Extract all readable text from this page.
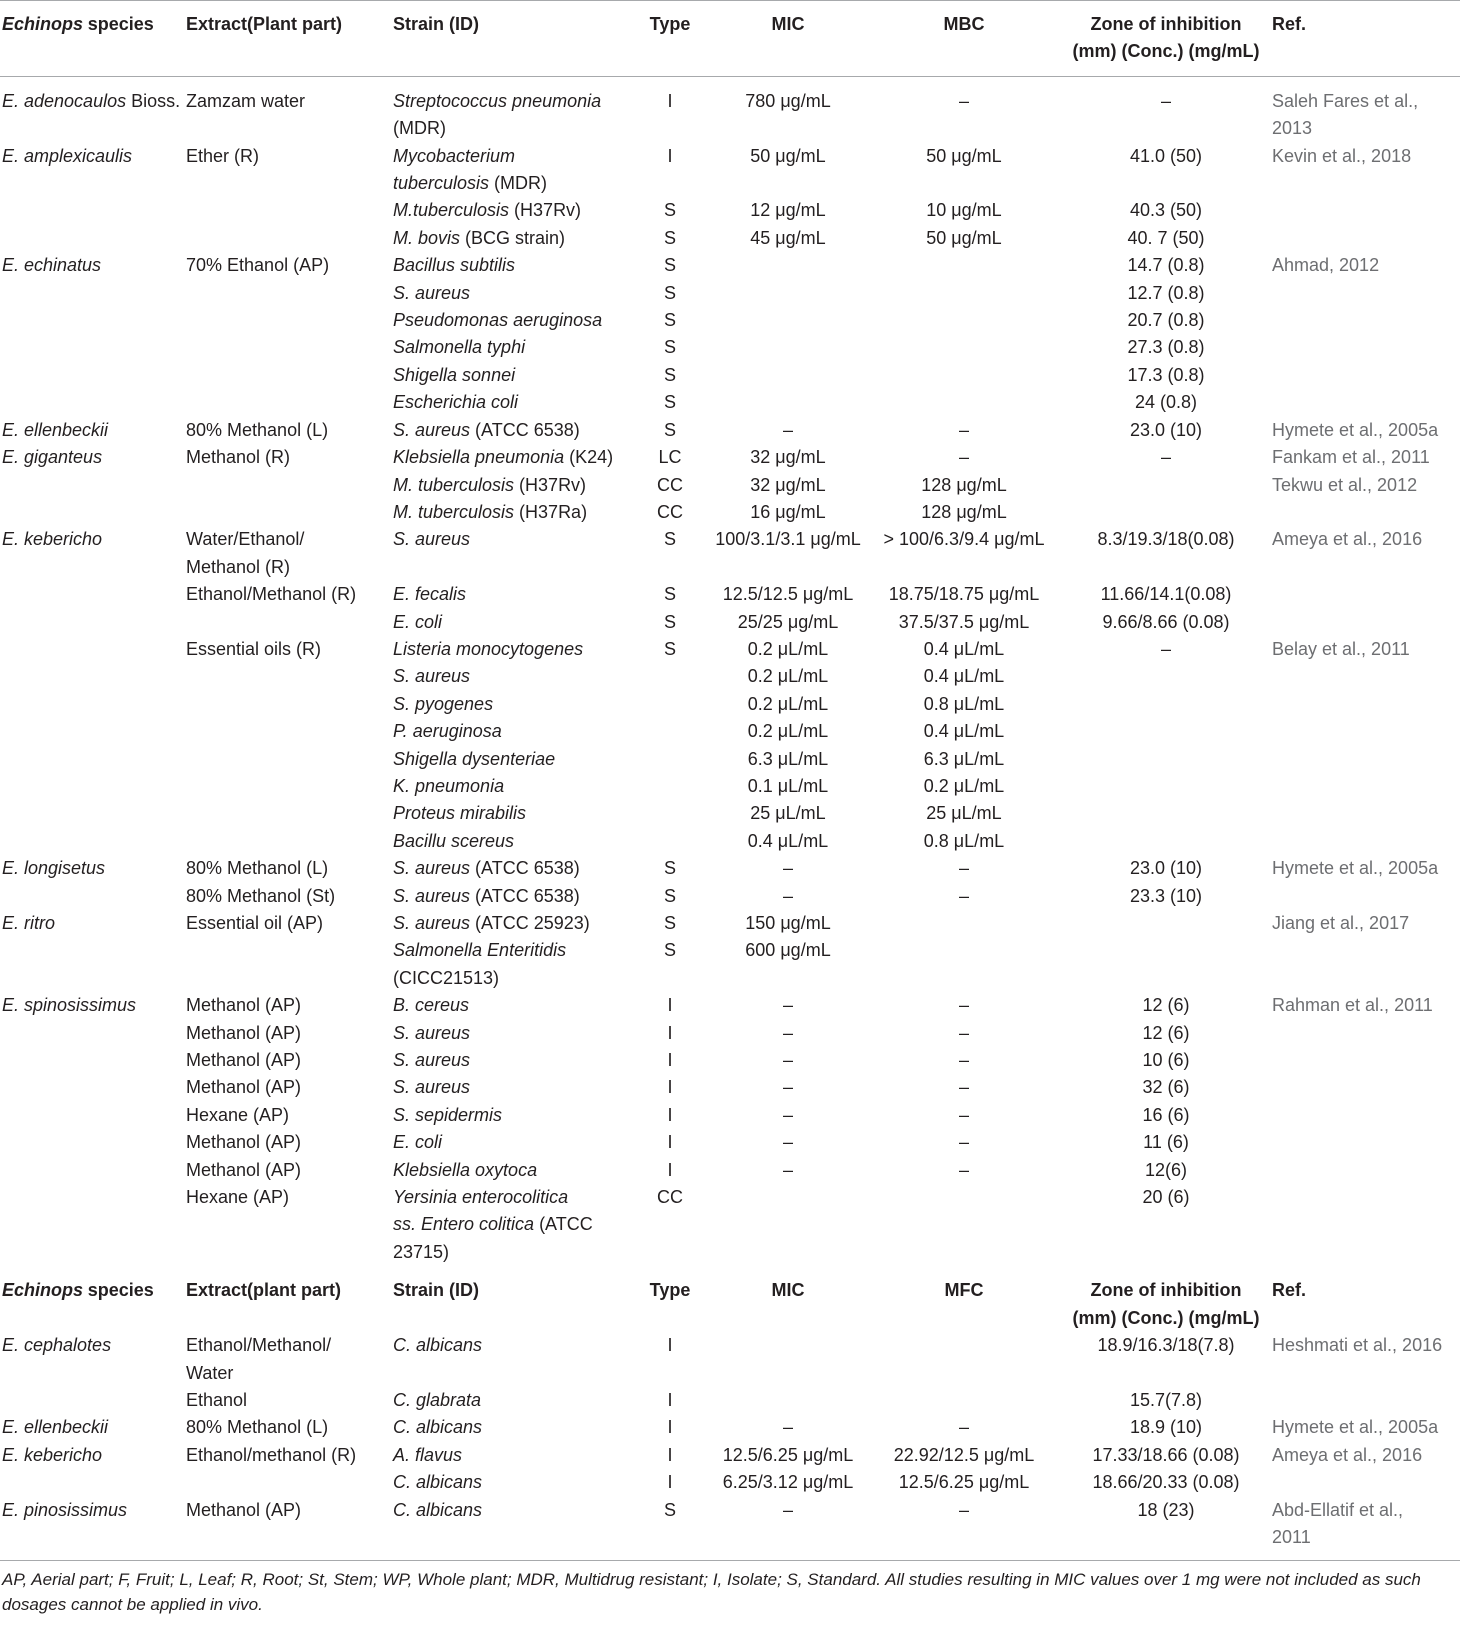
Echinops species	Extract(Plant part)	Strain (ID)	Type	MIC	MBC	Zone of inhibition
(mm) (Conc.) (mg/mL)	Ref.
E. adenocaulos Bioss.	Zamzam water	Streptococcus pneumonia
(MDR)	I	780 μg/mL	–	–	Saleh Fares et al.,
2013
E. amplexicaulis	Ether (R)	Mycobacterium
tuberculosis (MDR)	I	50 μg/mL	50 μg/mL	41.0 (50)	Kevin et al., 2018
		M.tuberculosis (H37Rv)	S	12 μg/mL	10 μg/mL	40.3 (50)	
		M. bovis (BCG strain)	S	45 μg/mL	50 μg/mL	40. 7 (50)	
E. echinatus	70% Ethanol (AP)	Bacillus subtilis	S			14.7 (0.8)	Ahmad, 2012
		S. aureus	S			12.7 (0.8)	
		Pseudomonas aeruginosa	S			20.7 (0.8)	
		Salmonella typhi	S			27.3 (0.8)	
		Shigella sonnei	S			17.3 (0.8)	
		Escherichia coli	S			24 (0.8)	
E. ellenbeckii	80% Methanol (L)	S. aureus (ATCC 6538)	S	–	–	23.0 (10)	Hymete et al., 2005a
E. giganteus	Methanol (R)	Klebsiella pneumonia (K24)	LC	32 μg/mL	–	–	Fankam et al., 2011
		M. tuberculosis (H37Rv)	CC	32 μg/mL	128 μg/mL		Tekwu et al., 2012
		M. tuberculosis (H37Ra)	CC	16 μg/mL	128 μg/mL		
E. kebericho	Water/Ethanol/
Methanol (R)	S. aureus	S	100/3.1/3.1 μg/mL	> 100/6.3/9.4 μg/mL	8.3/19.3/18(0.08)	Ameya et al., 2016
	Ethanol/Methanol (R)	E. fecalis	S	12.5/12.5 μg/mL	18.75/18.75 μg/mL	11.66/14.1(0.08)	
		E. coli	S	25/25 μg/mL	37.5/37.5 μg/mL	9.66/8.66 (0.08)	
	Essential oils (R)	Listeria monocytogenes	S	0.2 μL/mL	0.4 μL/mL	–	Belay et al., 2011
		S. aureus		0.2 μL/mL	0.4 μL/mL		
		S. pyogenes		0.2 μL/mL	0.8 μL/mL		
		P. aeruginosa		0.2 μL/mL	0.4 μL/mL		
		Shigella dysenteriae		6.3 μL/mL	6.3 μL/mL		
		K. pneumonia		0.1 μL/mL	0.2 μL/mL		
		Proteus mirabilis		25 μL/mL	25 μL/mL		
		Bacillu scereus		0.4 μL/mL	0.8 μL/mL		
E. longisetus	80% Methanol (L)	S. aureus (ATCC 6538)	S	–	–	23.0 (10)	Hymete et al., 2005a
	80% Methanol (St)	S. aureus (ATCC 6538)	S	–	–	23.3 (10)	
E. ritro	Essential oil (AP)	S. aureus (ATCC 25923)	S	150 μg/mL			Jiang et al., 2017
		Salmonella Enteritidis
(CICC21513)	S	600 μg/mL			
E. spinosissimus	Methanol (AP)	B. cereus	I	–	–	12 (6)	Rahman et al., 2011
	Methanol (AP)	S. aureus	I	–	–	12 (6)	
	Methanol (AP)	S. aureus	I	–	–	10 (6)	
	Methanol (AP)	S. aureus	I	–	–	32 (6)	
	Hexane (AP)	S. sepidermis	I	–	–	16 (6)	
	Methanol (AP)	E. coli	I	–	–	11 (6)	
	Methanol (AP)	Klebsiella oxytoca	I	–	–	12(6)	
	Hexane (AP)	Yersinia enterocolitica
ss. Entero colitica (ATCC
23715)	CC			20 (6)	
Echinops species	Extract(plant part)	Strain (ID)	Type	MIC	MFC	Zone of inhibition
(mm) (Conc.) (mg/mL)	Ref.
E. cephalotes	Ethanol/Methanol/
Water	C. albicans	I			18.9/16.3/18(7.8)	Heshmati et al., 2016
	Ethanol	C. glabrata	I			15.7(7.8)	
E. ellenbeckii	80% Methanol (L)	C. albicans	I	–	–	18.9 (10)	Hymete et al., 2005a
E. kebericho	Ethanol/methanol (R)	A. flavus	I	12.5/6.25 μg/mL	22.92/12.5 μg/mL	17.33/18.66 (0.08)	Ameya et al., 2016
		C. albicans	I	6.25/3.12 μg/mL	12.5/6.25 μg/mL	18.66/20.33 (0.08)	
E. pinosissimus	Methanol (AP)	C. albicans	S	–	–	18 (23)	Abd-Ellatif et al.,
2011
AP, Aerial part; F, Fruit; L, Leaf; R, Root; St, Stem; WP, Whole plant; MDR, Multidrug resistant; I, Isolate; S, Standard. All studies resulting in MIC values over 1 mg were not included as such dosages cannot be applied in vivo.
